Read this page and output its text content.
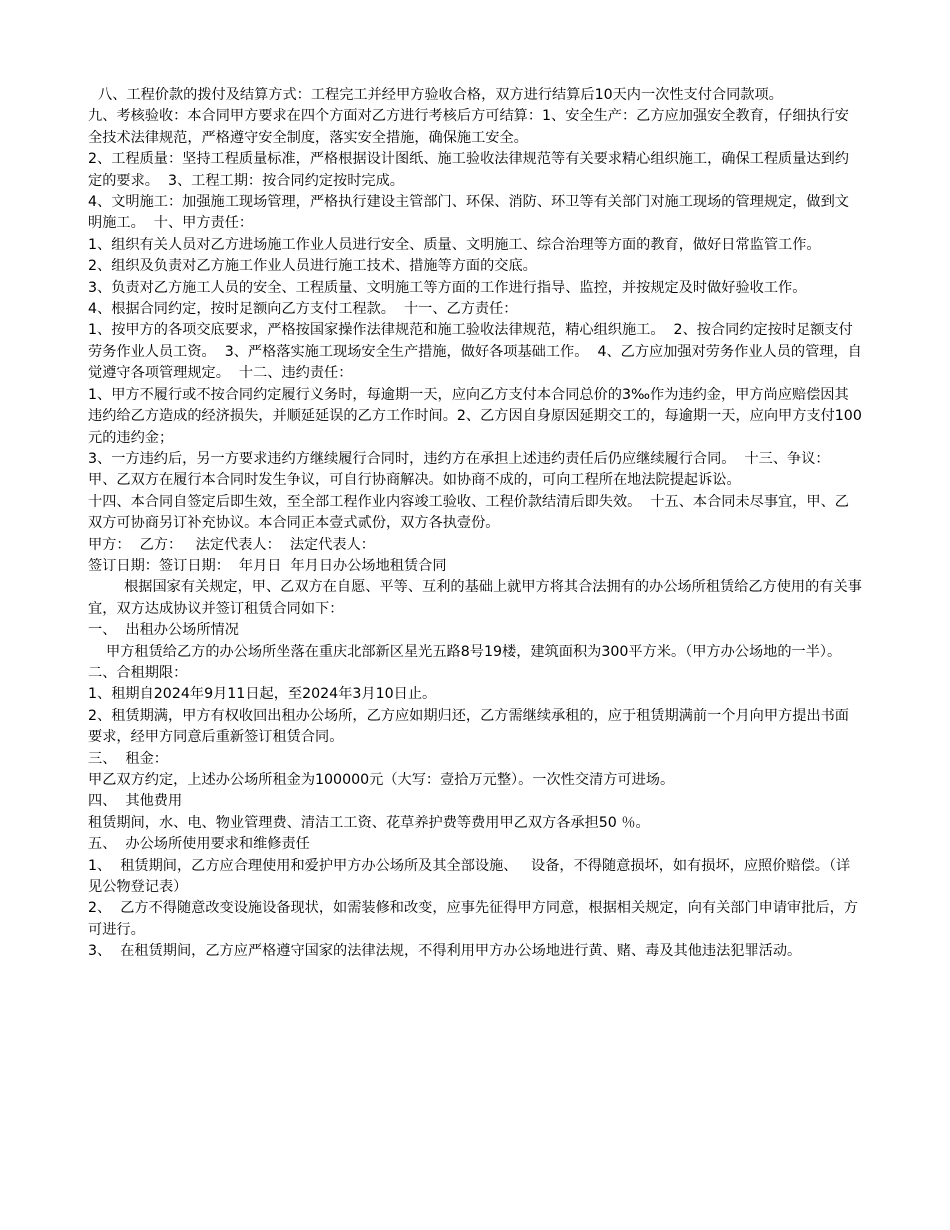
八、工程价款的拨付及结算方式：工程完工并经甲方验收合格，双方进行结算后10天内一次性支付合同款项。

九、考核验收：本合同甲方要求在四个方面对乙方进行考核后方可结算：1、安全生产：乙方应加强安全教育，仔细执行安全技术法律规范，严格遵守安全制度，落实安全措施，确保施工安全。

2、工程质量：坚持工程质量标准，严格根据设计图纸、施工验收法律规范等有关要求精心组织施工，确保工程质量达到约定的要求。  3、工程工期：按合同约定按时完成。

4、文明施工：加强施工现场管理，严格执行建设主管部门、环保、消防、环卫等有关部门对施工现场的管理规定，做到文明施工。  十、甲方责任：

1、组织有关人员对乙方进场施工作业人员进行安全、质量、文明施工、综合治理等方面的教育，做好日常监管工作。

2、组织及负责对乙方施工作业人员进行施工技术、措施等方面的交底。

3、负责对乙方施工人员的安全、工程质量、文明施工等方面的工作进行指导、监控，并按规定及时做好验收工作。

4、根据合同约定，按时足额向乙方支付工程款。  十一、乙方责任：

1、按甲方的各项交底要求，严格按国家操作法律规范和施工验收法律规范，精心组织施工。  2、按合同约定按时足额支付劳务作业人员工资。  3、严格落实施工现场安全生产措施，做好各项基础工作。  4、乙方应加强对劳务作业人员的管理，自觉遵守各项管理规定。  十二、违约责任：

1、甲方不履行或不按合同约定履行义务时，每逾期一天，应向乙方支付本合同总价的3‰作为违约金，甲方尚应赔偿因其违约给乙方造成的经济损失，并顺延延误的乙方工作时间。2、乙方因自身原因延期交工的，每逾期一天，应向甲方支付100元的违约金；

3、一方违约后，另一方要求违约方继续履行合同时，违约方在承担上述违约责任后仍应继续履行合同。  十三、争议：

甲、乙双方在履行本合同时发生争议，可自行协商解决。如协商不成的，可向工程所在地法院提起诉讼。

十四、本合同自签定后即生效，至全部工程作业内容竣工验收、工程价款结清后即失效。  十五、本合同未尽事宜，甲、乙双方可协商另订补充协议。本合同正本壹式贰份，双方各执壹份。

甲方：  乙方：   法定代表人：  法定代表人：

签订日期：签订日期：  年月日  年月日办公场地租赁合同

根据国家有关规定，甲、乙双方在自愿、平等、互利的基础上就甲方将其合法拥有的办公场所租赁给乙方使用的有关事宜，双方达成协议并签订租赁合同如下：

一、  出租办公场所情况

甲方租赁给乙方的办公场所坐落在重庆北部新区星光五路8号19楼，建筑面积为300平方米。（甲方办公场地的一半）。

二、合租期限：

1、租期自2024年9月11日起，至2024年3月10日止。

2、租赁期满，甲方有权收回出租办公场所，乙方应如期归还，乙方需继续承租的，应于租赁期满前一个月向甲方提出书面要求，经甲方同意后重新签订租赁合同。

三、  租金：

甲乙双方约定，上述办公场所租金为100000元（大写：壹拾万元整）。一次性交清方可进场。

四、  其他费用

租赁期间，水、电、物业管理费、清洁工工资、花草养护费等费用甲乙双方各承担50 ％。

五、  办公场所使用要求和维修责任

1、  租赁期间，乙方应合理使用和爱护甲方办公场所及其全部设施、   设备，不得随意损坏，如有损坏，应照价赔偿。（详见公物登记表）

2、  乙方不得随意改变设施设备现状，如需装修和改变，应事先征得甲方同意，根据相关规定，向有关部门申请审批后，方可进行。

3、  在租赁期间，乙方应严格遵守国家的法律法规，不得利用甲方办公场地进行黄、赌、毒及其他违法犯罪活动。
